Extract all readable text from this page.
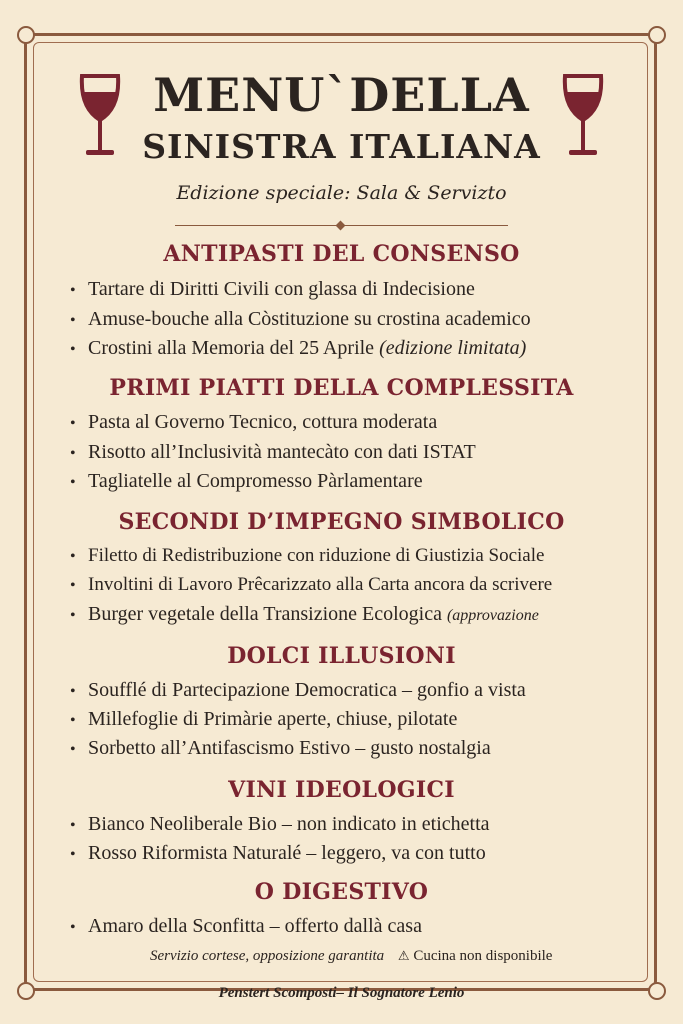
MENU`DELLA
SINISTRA ITALIANA
Edizione speciale: Sala & Servizto
ANTIPASTI DEL CONSENSO
• Tartare di Diritti Civili con glassa di Indecisione
• Amuse-bouche alla Còstituzione su crostina academico
• Crostini alla Memoria del 25 Aprile (edizione limitata)
PRIMI PIATTI DELLA COMPLESSITA
• Pasta al Governo Tecnico, cottura moderata
• Risotto all’Inclusività mantecàto con dati ISTAT
• Tagliatelle al Compromesso Pàrlamentare
SECONDI D’IMPEGNO SIMBOLICO
• Filetto di Redistribuzione con riduzione di Giustizia Sociale
• Involtini di Lavoro Prêcarizzato alla Carta ancora da scrivere
• Burger vegetale della Transizione Ecologica (approvazione
DOLCI ILLUSIONI
• Soufflé di Partecipazione Democratica – gonfio a vista
• Millefoglie di Primàrie aperte, chiuse, pilotate
• Sorbetto all’Antifascismo Estivo – gusto nostalgia
VINI IDEOLOGICI
• Bianco Neoliberale Bio – non indicato in etichetta
• Rosso Riformista Naturalé – leggero, va con tutto
O DIGESTIVO
• Amaro della Sconfitta – offerto dallà casa
Servizio cortese, opposizione garantita ⚠ Cucina non disponibile
Penstert Scomposti– Il Sognatore Lenio
